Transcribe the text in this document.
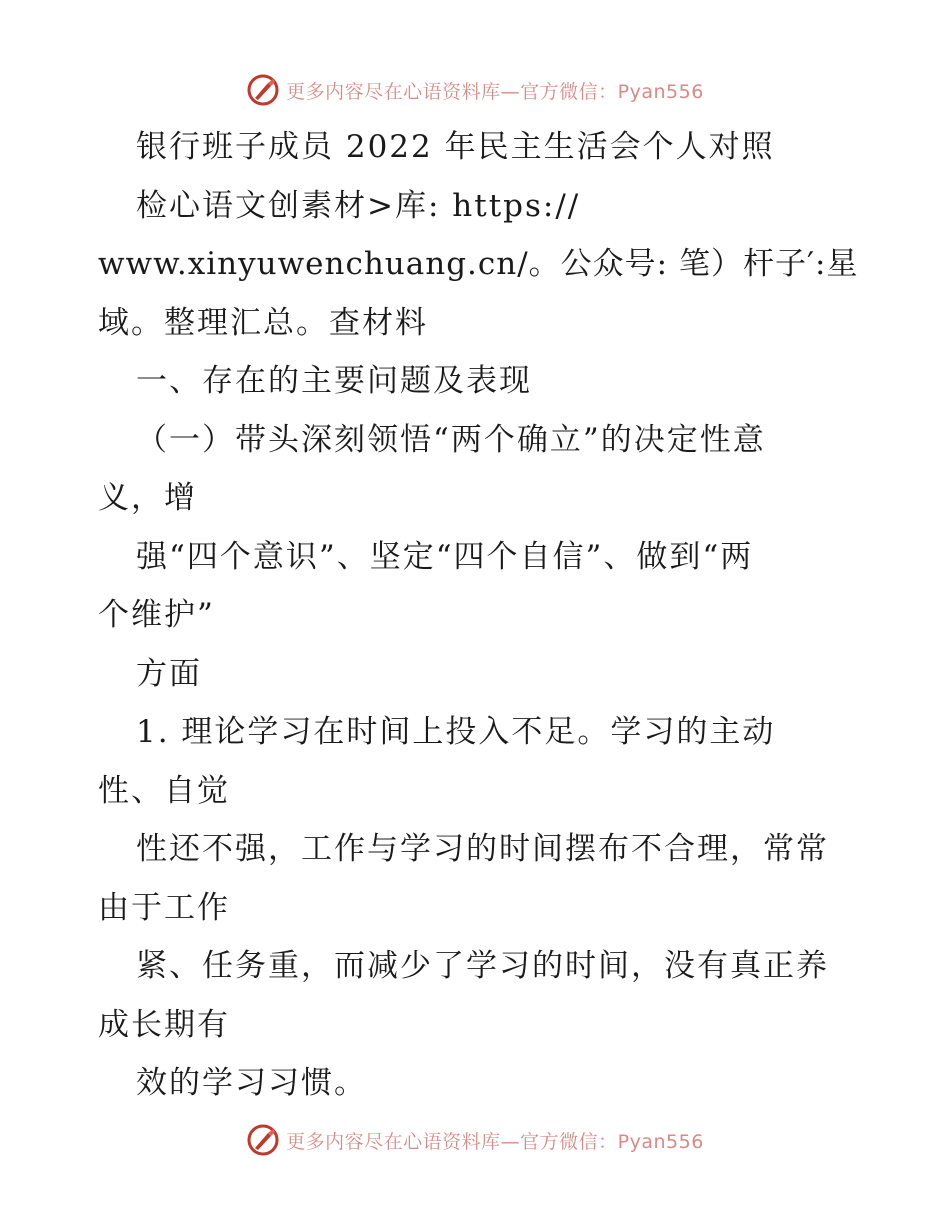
更多内容尽在心语资料库—官方微信：Pyan556
银行班子成员 2022 年民主生活会个人对照
检心语文创素材>库: https://
www.xinyuwenchuang.cn/。公众号: 笔）杆子′:星
域。整理汇总。查材料
一、存在的主要问题及表现
（一）带头深刻领悟“两个确立”的决定性意
义，增
强“四个意识”、坚定“四个自信”、做到“两
个维护”
方面
1. 理论学习在时间上投入不足。学习的主动
性、自觉
性还不强，工作与学习的时间摆布不合理，常常
由于工作
紧、任务重，而减少了学习的时间，没有真正养
成长期有
效的学习习惯。
更多内容尽在心语资料库—官方微信：Pyan556
